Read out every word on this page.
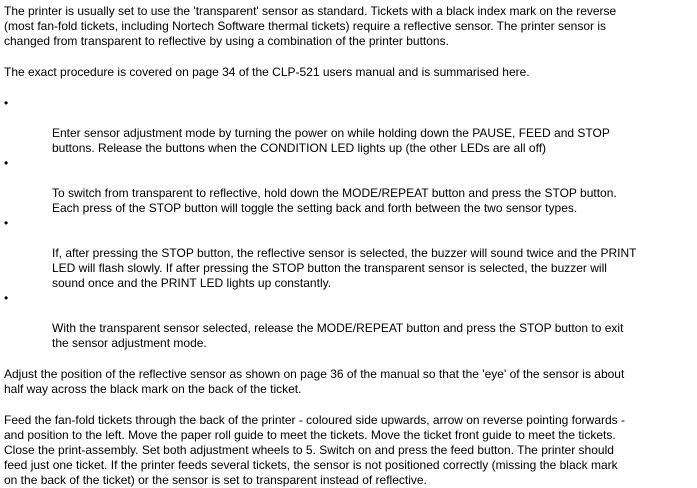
The printer is usually set to use the 'transparent' sensor as standard. Tickets with a black index mark on the reverse
(most fan-fold tickets, including Nortech Software thermal tickets) require a reflective sensor. The printer sensor is
changed from transparent to reflective by using a combination of the printer buttons.

The exact procedure is covered on page 34 of the CLP-521 users manual and is summarised here.

•

Enter sensor adjustment mode by turning the power on while holding down the PAUSE, FEED and STOP
buttons. Release the buttons when the CONDITION LED lights up (the other LEDs are all off)

•

To switch from transparent to reflective, hold down the MODE/REPEAT button and press the STOP button.
Each press of the STOP button will toggle the setting back and forth between the two sensor types.

•

If, after pressing the STOP button, the reflective sensor is selected, the buzzer will sound twice and the PRINT
LED will flash slowly. If after pressing the STOP button the transparent sensor is selected, the buzzer will
sound once and the PRINT LED lights up constantly.

•

With the transparent sensor selected, release the MODE/REPEAT button and press the STOP button to exit
the sensor adjustment mode.

Adjust the position of the reflective sensor as shown on page 36 of the manual so that the 'eye' of the sensor is about
half way across the black mark on the back of the ticket.

Feed the fan-fold tickets through the back of the printer - coloured side upwards, arrow on reverse pointing forwards -
and position to the left. Move the paper roll guide to meet the tickets. Move the ticket front guide to meet the tickets.
Close the print-assembly. Set both adjustment wheels to 5. Switch on and press the feed button. The printer should
feed just one ticket. If the printer feeds several tickets, the sensor is not positioned correctly (missing the black mark
on the back of the ticket) or the sensor is set to transparent instead of reflective.
